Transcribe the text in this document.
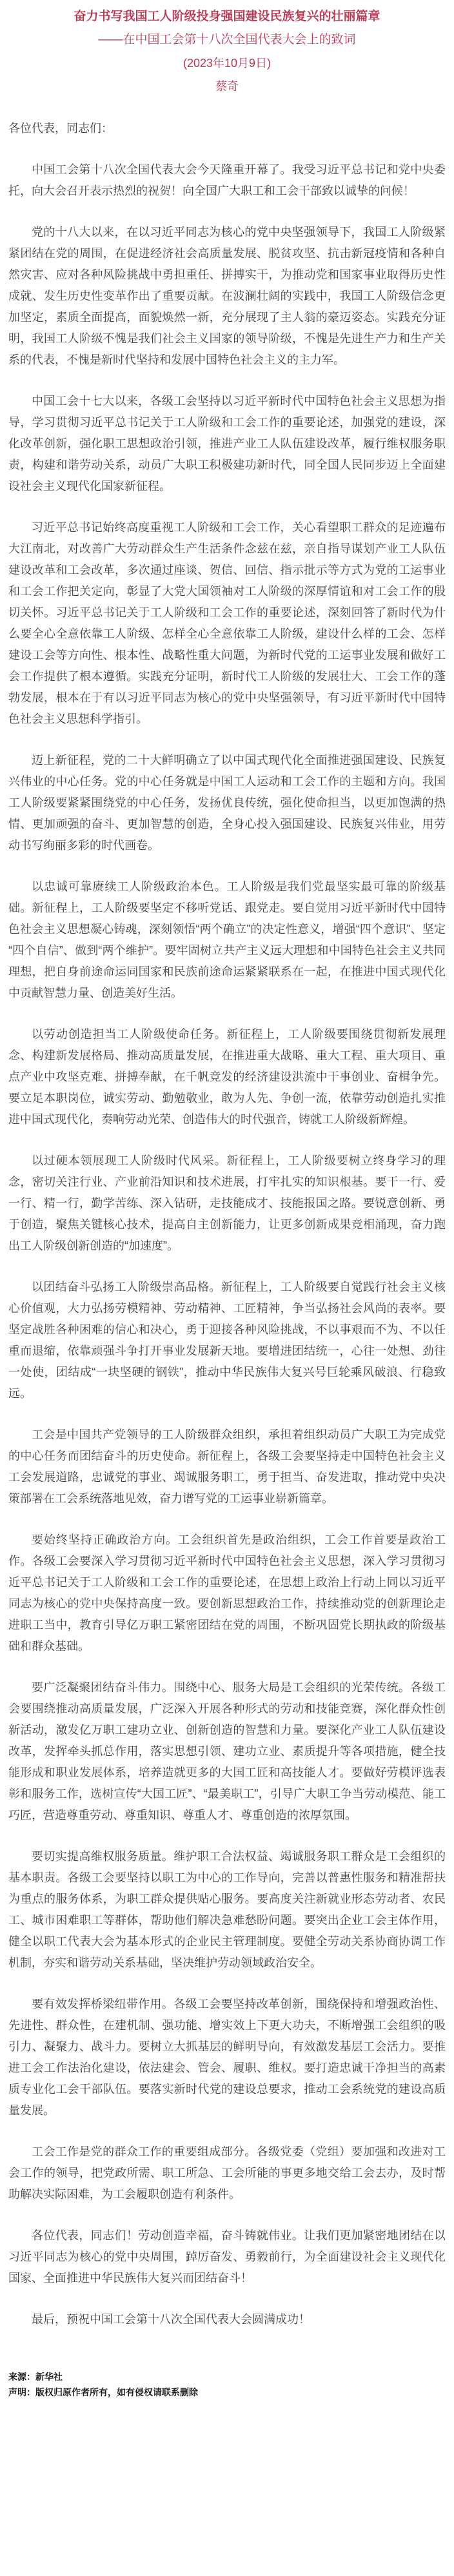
奋力书写我国工人阶级投身强国建设民族复兴的壮丽篇章
——在中国工会第十八次全国代表大会上的致词
(2023年10月9日)
蔡奇

各位代表，同志们：

中国工会第十八次全国代表大会今天隆重开幕了。我受习近平总书记和党中央委托，向大会召开表示热烈的祝贺！向全国广大职工和工会干部致以诚挚的问候！

党的十八大以来，在以习近平同志为核心的党中央坚强领导下，我国工人阶级紧紧团结在党的周围，在促进经济社会高质量发展、脱贫攻坚、抗击新冠疫情和各种自然灾害、应对各种风险挑战中勇担重任、拼搏实干，为推动党和国家事业取得历史性成就、发生历史性变革作出了重要贡献。在波澜壮阔的实践中，我国工人阶级信念更加坚定，素质全面提高，面貌焕然一新，充分展现了主人翁的豪迈姿态。实践充分证明，我国工人阶级不愧是我们社会主义国家的领导阶级，不愧是先进生产力和生产关系的代表，不愧是新时代坚持和发展中国特色社会主义的主力军。

中国工会十七大以来，各级工会坚持以习近平新时代中国特色社会主义思想为指导，学习贯彻习近平总书记关于工人阶级和工会工作的重要论述，加强党的建设，深化改革创新，强化职工思想政治引领，推进产业工人队伍建设改革，履行维权服务职责，构建和谐劳动关系，动员广大职工积极建功新时代，同全国人民同步迈上全面建设社会主义现代化国家新征程。

习近平总书记始终高度重视工人阶级和工会工作，关心看望职工群众的足迹遍布大江南北，对改善广大劳动群众生产生活条件念兹在兹，亲自指导谋划产业工人队伍建设改革和工会改革，多次通过座谈、贺信、回信、指示批示等方式为党的工运事业和工会工作把关定向，彰显了大党大国领袖对工人阶级的深厚情谊和对工会工作的殷切关怀。习近平总书记关于工人阶级和工会工作的重要论述，深刻回答了新时代为什么要全心全意依靠工人阶级、怎样全心全意依靠工人阶级，建设什么样的工会、怎样建设工会等方向性、根本性、战略性重大问题，为新时代党的工运事业发展和做好工会工作提供了根本遵循。实践充分证明，新时代工人阶级的发展壮大、工会工作的蓬勃发展，根本在于有以习近平同志为核心的党中央坚强领导，有习近平新时代中国特色社会主义思想科学指引。

迈上新征程，党的二十大鲜明确立了以中国式现代化全面推进强国建设、民族复兴伟业的中心任务。党的中心任务就是中国工人运动和工会工作的主题和方向。我国工人阶级要紧紧围绕党的中心任务，发扬优良传统，强化使命担当，以更加饱满的热情、更加顽强的奋斗、更加智慧的创造，全身心投入强国建设、民族复兴伟业，用劳动书写绚丽多彩的时代画卷。

以忠诚可靠赓续工人阶级政治本色。工人阶级是我们党最坚实最可靠的阶级基础。新征程上，工人阶级要坚定不移听党话、跟党走。要自觉用习近平新时代中国特色社会主义思想凝心铸魂，深刻领悟“两个确立”的决定性意义，增强“四个意识”、坚定“四个自信”、做到“两个维护”。要牢固树立共产主义远大理想和中国特色社会主义共同理想，把自身前途命运同国家和民族前途命运紧紧联系在一起，在推进中国式现代化中贡献智慧力量、创造美好生活。

以劳动创造担当工人阶级使命任务。新征程上，工人阶级要围绕贯彻新发展理念、构建新发展格局、推动高质量发展，在推进重大战略、重大工程、重大项目、重点产业中攻坚克难、拼搏奉献，在千帆竞发的经济建设洪流中干事创业、奋楫争先。要立足本职岗位，诚实劳动、勤勉敬业，敢为人先、争创一流，依靠劳动创造扎实推进中国式现代化，奏响劳动光荣、创造伟大的时代强音，铸就工人阶级新辉煌。

以过硬本领展现工人阶级时代风采。新征程上，工人阶级要树立终身学习的理念，密切关注行业、产业前沿知识和技术进展，打牢扎实的知识根基。要干一行、爱一行、精一行，勤学苦练、深入钻研，走技能成才、技能报国之路。要锐意创新、勇于创造，聚焦关键核心技术，提高自主创新能力，让更多创新成果竞相涌现，奋力跑出工人阶级创新创造的“加速度”。

以团结奋斗弘扬工人阶级崇高品格。新征程上，工人阶级要自觉践行社会主义核心价值观，大力弘扬劳模精神、劳动精神、工匠精神，争当弘扬社会风尚的表率。要坚定战胜各种困难的信心和决心，勇于迎接各种风险挑战，不以事艰而不为、不以任重而退缩，依靠顽强斗争打开事业发展新天地。要增进团结统一，心往一处想、劲往一处使，团结成“一块坚硬的钢铁”，推动中华民族伟大复兴号巨轮乘风破浪、行稳致远。

工会是中国共产党领导的工人阶级群众组织，承担着组织动员广大职工为完成党的中心任务而团结奋斗的历史使命。新征程上，各级工会要坚持走中国特色社会主义工会发展道路，忠诚党的事业、竭诚服务职工，勇于担当、奋发进取，推动党中央决策部署在工会系统落地见效，奋力谱写党的工运事业崭新篇章。

要始终坚持正确政治方向。工会组织首先是政治组织，工会工作首要是政治工作。各级工会要深入学习贯彻习近平新时代中国特色社会主义思想，深入学习贯彻习近平总书记关于工人阶级和工会工作的重要论述，在思想上政治上行动上同以习近平同志为核心的党中央保持高度一致。要创新思想政治工作，持续推动党的创新理论走进职工当中，教育引导亿万职工紧密团结在党的周围，不断巩固党长期执政的阶级基础和群众基础。

要广泛凝聚团结奋斗伟力。围绕中心、服务大局是工会组织的光荣传统。各级工会要围绕推动高质量发展，广泛深入开展各种形式的劳动和技能竞赛，深化群众性创新活动，激发亿万职工建功立业、创新创造的智慧和力量。要深化产业工人队伍建设改革，发挥牵头抓总作用，落实思想引领、建功立业、素质提升等各项措施，健全技能形成和职业发展体系，培养造就更多的大国工匠和高技能人才。要做好劳模评选表彰和服务工作，选树宣传“大国工匠”、“最美职工”，引导广大职工争当劳动模范、能工巧匠，营造尊重劳动、尊重知识、尊重人才、尊重创造的浓厚氛围。

要切实提高维权服务质量。维护职工合法权益、竭诚服务职工群众是工会组织的基本职责。各级工会要坚持以职工为中心的工作导向，完善以普惠性服务和精准帮扶为重点的服务体系，为职工群众提供贴心服务。要高度关注新就业形态劳动者、农民工、城市困难职工等群体，帮助他们解决急难愁盼问题。要突出企业工会主体作用，健全以职工代表大会为基本形式的企业民主管理制度。要健全劳动关系协商协调工作机制，夯实和谐劳动关系基础，坚决维护劳动领域政治安全。

要有效发挥桥梁纽带作用。各级工会要坚持改革创新，围绕保持和增强政治性、先进性、群众性，在建机制、强功能、增实效上下更大功夫，不断增强工会组织的吸引力、凝聚力、战斗力。要树立大抓基层的鲜明导向，有效激发基层工会活力。要推进工会工作法治化建设，依法建会、管会、履职、维权。要打造忠诚干净担当的高素质专业化工会干部队伍。要落实新时代党的建设总要求，推动工会系统党的建设高质量发展。

工会工作是党的群众工作的重要组成部分。各级党委（党组）要加强和改进对工会工作的领导，把党政所需、职工所急、工会所能的事更多地交给工会去办，及时帮助解决实际困难，为工会履职创造有利条件。

各位代表，同志们！劳动创造幸福，奋斗铸就伟业。让我们更加紧密地团结在以习近平同志为核心的党中央周围，踔厉奋发、勇毅前行，为全面建设社会主义现代化国家、全面推进中华民族伟大复兴而团结奋斗！

最后，预祝中国工会第十八次全国代表大会圆满成功！

来源：新华社

声明：版权归原作者所有，如有侵权请联系删除
